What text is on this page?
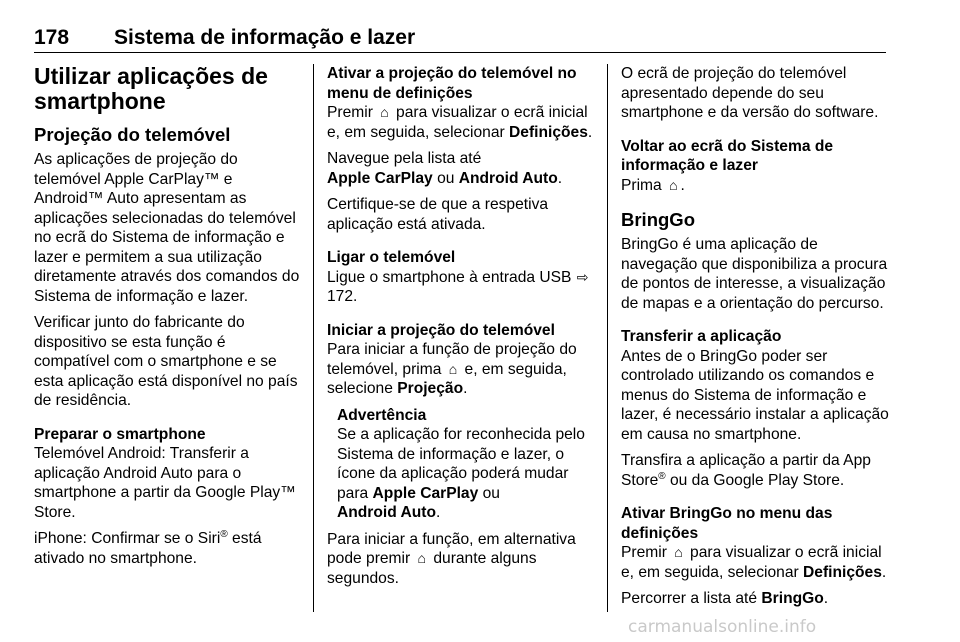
178 Sistema de informação e lazer
Utilizar aplicações de smartphone
Projeção do telemóvel

As aplicações de projeção do telemóvel Apple CarPlay™ e Android™ Auto apresentam as aplicações selecionadas do telemóvel no ecrã do Sistema de informação e lazer e permitem a sua utilização diretamente através dos comandos do Sistema de informação e lazer.

Verificar junto do fabricante do dispositivo se esta função é compatível com o smartphone e se esta aplicação está disponível no país de residência.

Preparar o smartphone

Telemóvel Android: Transferir a aplicação Android Auto para o smartphone a partir da Google Play™ Store.

iPhone: Confirmar se o Siri® está ativado no smartphone.

Ativar a projeção do telemóvel no menu de definições

Premir ⌂ para visualizar o ecrã inicial e, em seguida, selecionar Definições.

Navegue pela lista até
Apple CarPlay ou Android Auto.

Certifique-se de que a respetiva aplicação está ativada.

Ligar o telemóvel

Ligue o smartphone à entrada USB ⇨ 172.

Iniciar a projeção do telemóvel

Para iniciar a função de projeção do telemóvel, prima ⌂ e, em seguida, selecione Projeção.

Advertência
Se a aplicação for reconhecida pelo Sistema de informação e lazer, o ícone da aplicação poderá mudar para Apple CarPlay ou
Android Auto.

Para iniciar a função, em alternativa pode premir ⌂ durante alguns segundos.

O ecrã de projeção do telemóvel apresentado depende do seu smartphone e da versão do software.

Voltar ao ecrã do Sistema de informação e lazer

Prima ⌂ .

BringGo

BringGo é uma aplicação de navegação que disponibiliza a procura de pontos de interesse, a visualização de mapas e a orientação do percurso.

Transferir a aplicação

Antes de o BringGo poder ser controlado utilizando os comandos e menus do Sistema de informação e lazer, é necessário instalar a aplicação em causa no smartphone.

Transfira a aplicação a partir da App Store® ou da Google Play Store.

Ativar BringGo no menu das definições

Premir ⌂ para visualizar o ecrã inicial e, em seguida, selecionar Definições.

Percorrer a lista até BringGo.

carmanualsonline.info
